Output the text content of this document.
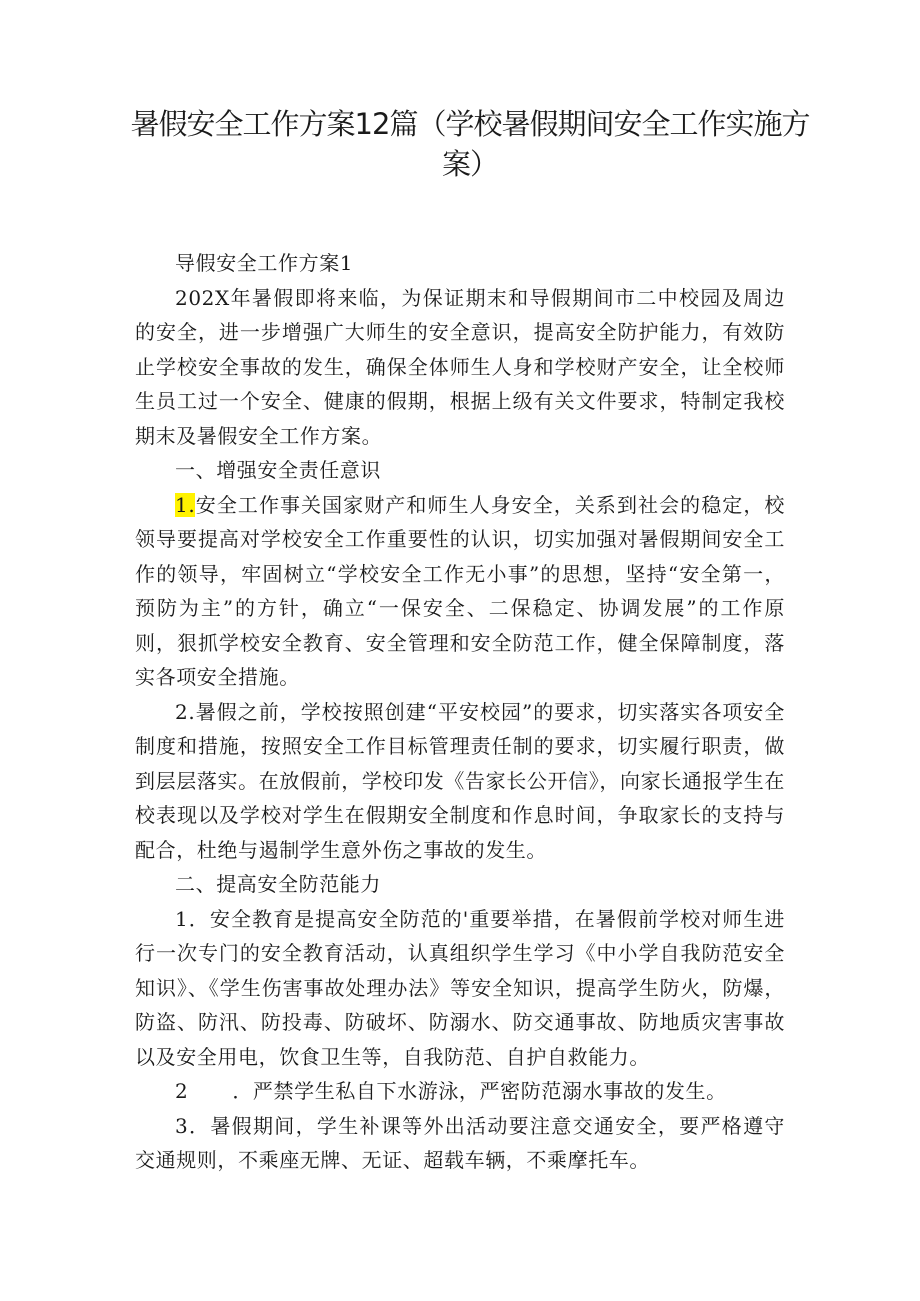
暑假安全工作方案12篇（学校暑假期间安全工作实施方案）

导假安全工作方案1

202X年暑假即将来临，为保证期末和导假期间市二中校园及周边的安全，进一步增强广大师生的安全意识，提高安全防护能力，有效防止学校安全事故的发生，确保全体师生人身和学校财产安全，让全校师生员工过一个安全、健康的假期，根据上级有关文件要求，特制定我校期末及暑假安全工作方案。

一、增强安全责任意识

1.安全工作事关国家财产和师生人身安全，关系到社会的稳定，校领导要提高对学校安全工作重要性的认识，切实加强对暑假期间安全工作的领导，牢固树立“学校安全工作无小事”的思想，坚持“安全第一，预防为主”的方针，确立“一保安全、二保稳定、协调发展”的工作原则，狠抓学校安全教育、安全管理和安全防范工作，健全保障制度，落实各项安全措施。

2.暑假之前，学校按照创建“平安校园”的要求，切实落实各项安全制度和措施，按照安全工作目标管理责任制的要求，切实履行职责，做到层层落实。在放假前，学校印发《告家长公开信》，向家长通报学生在校表现以及学校对学生在假期安全制度和作息时间，争取家长的支持与配合，杜绝与遏制学生意外伤之事故的发生。

二、提高安全防范能力

1．安全教育是提高安全防范的'重要举措，在暑假前学校对师生进行一次专门的安全教育活动，认真组织学生学习《中小学自我防范安全知识》、《学生伤害事故处理办法》等安全知识，提高学生防火，防爆，防盗、防汛、防投毒、防破坏、防溺水、防交通事故、防地质灾害事故以及安全用电，饮食卫生等，自我防范、自护自救能力。

2 ．严禁学生私自下水游泳，严密防范溺水事故的发生。

3．暑假期间，学生补课等外出活动要注意交通安全，要严格遵守交通规则，不乘座无牌、无证、超载车辆，不乘摩托车。
